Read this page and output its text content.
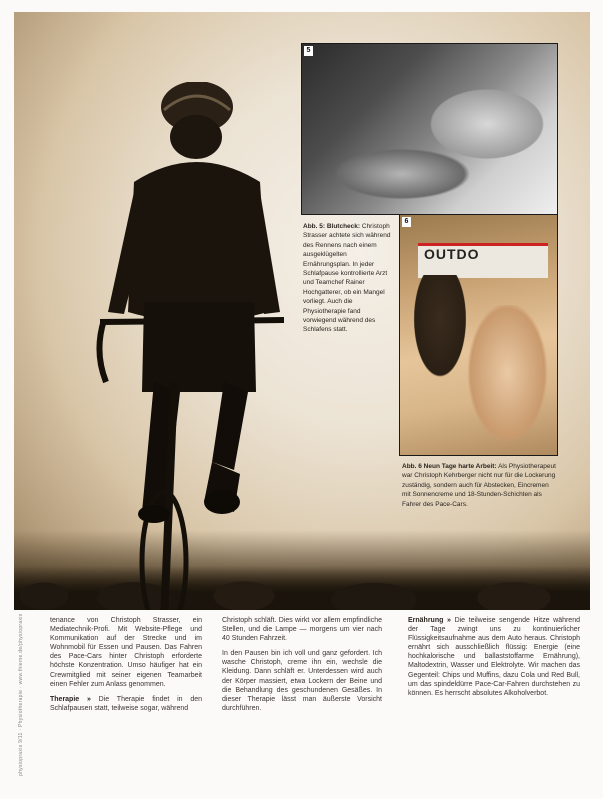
5
OUTDO
6
Abb. 5: Blutcheck: Christoph Strasser achtete sich während des Rennens nach einem ausgeklügelten Ernährungsplan. In jeder Schlafpause kontrollierte Arzt und Teamchef Rainer Hochgatterer, ob ein Mangel vorliegt. Auch die Physiotherapie fand vorwiegend während des Schlafens statt.
Abb. 6 Neun Tage harte Arbeit: Als Physiotherapeut war Christoph Kehrberger nicht nur für die Lockerung zuständig, sondern auch für Abstecken, Eincremen mit Sonnencreme und 18-Stunden-Schichten als Fahrer des Pace-Cars.

tenance von Christoph Strasser, ein Mediatechnik-Profi. Mit Website-Pflege und Kommunikation auf der Strecke und im Wohnmobil für Essen und Pausen. Das Fahren des Pace-Cars hinter Christoph erforderte höchste Konzentration. Umso häufiger hat ein Crewmitglied mit seiner eigenen Teamarbeit einen Fehler zum Anlass genommen.

Therapie » Die Therapie findet in den Schlafpausen statt, teilweise sogar, während

Christoph schläft. Dies wirkt vor allem empfindliche Stellen, und die Lampe — morgens um vier nach 40 Stunden Fahrzeit.

In den Pausen bin ich voll und ganz gefordert. Ich wasche Christoph, creme ihn ein, wechsle die Kleidung. Dann schläft er. Unterdessen wird auch der Körper massiert, etwa Lockern der Beine und die Behandlung des geschundenen Gesäßes. In dieser Therapie lässt man äußerste Vorsicht durchführen.

Ernährung » Die teilweise sengende Hitze während der Tage zwingt uns zu kontinuierlicher Flüssigkeitsaufnahme aus dem Auto heraus. Christoph ernährt sich ausschließlich flüssig: Energie (eine hochkalorische und ballaststoffarme Ernährung), Maltodextrin, Wasser und Elektrolyte. Wir machen das Gegenteil: Chips und Muffins, dazu Cola und Red Bull, um das spindeldürre Pace-Car-Fahren durchstehen zu können. Es herrscht absolutes Alkoholverbot.

physiopraxis 9/11 · Physiotherapie · www.thieme.de/physiopraxis
